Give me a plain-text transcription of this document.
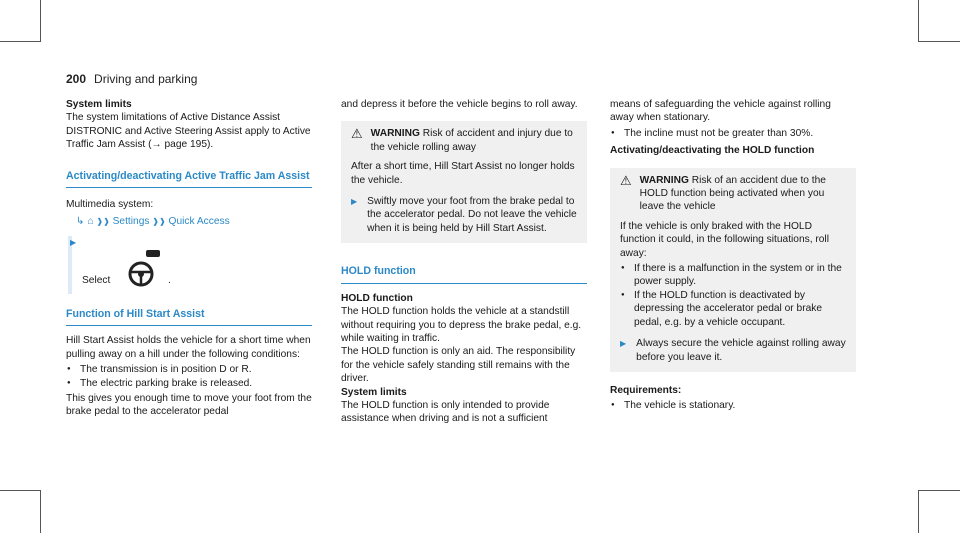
200 Driving and parking
System limits

The system limitations of Active Distance Assist DISTRONIC and Active Steering Assist apply to Active Traffic Jam Assist (→ page 195).

Activating/deactivating Active Traffic Jam Assist

Multimedia system:

↳ ⌂ ❱❱ Settings ❱❱ Quick Access
▶
Select	.
Function of Hill Start Assist

Hill Start Assist holds the vehicle for a short time when pulling away on a hill under the following conditions:

● The transmission is in position D or R.
● The electric parking brake is released.

This gives you enough time to move your foot from the brake pedal to the accelerator pedal

and depress it before the vehicle begins to roll away.

⚠ WARNING Risk of accident and injury due to the vehicle rolling away

After a short time, Hill Start Assist no longer holds the vehicle.

▶ Swiftly move your foot from the brake pedal to the accelerator pedal. Do not leave the vehicle when it is being held by Hill Start Assist.
HOLD function
HOLD function

The HOLD function holds the vehicle at a standstill without requiring you to depress the brake pedal, e.g. while waiting in traffic.

The HOLD function is only an aid. The responsibility for the vehicle safely standing still remains with the driver.

System limits

The HOLD function is only intended to provide assistance when driving and is not a sufficient

means of safeguarding the vehicle against rolling away when stationary.

● The incline must not be greater than 30%.
Activating/deactivating the HOLD function
⚠ WARNING Risk of an accident due to the HOLD function being activated when you leave the vehicle

If the vehicle is only braked with the HOLD function it could, in the following situations, roll away:

● If there is a malfunction in the system or in the power supply.
● If the HOLD function is deactivated by depressing the accelerator pedal or brake pedal, e.g. by a vehicle occupant.
▶ Always secure the vehicle against rolling away before you leave it.
Requirements:
● The vehicle is stationary.
